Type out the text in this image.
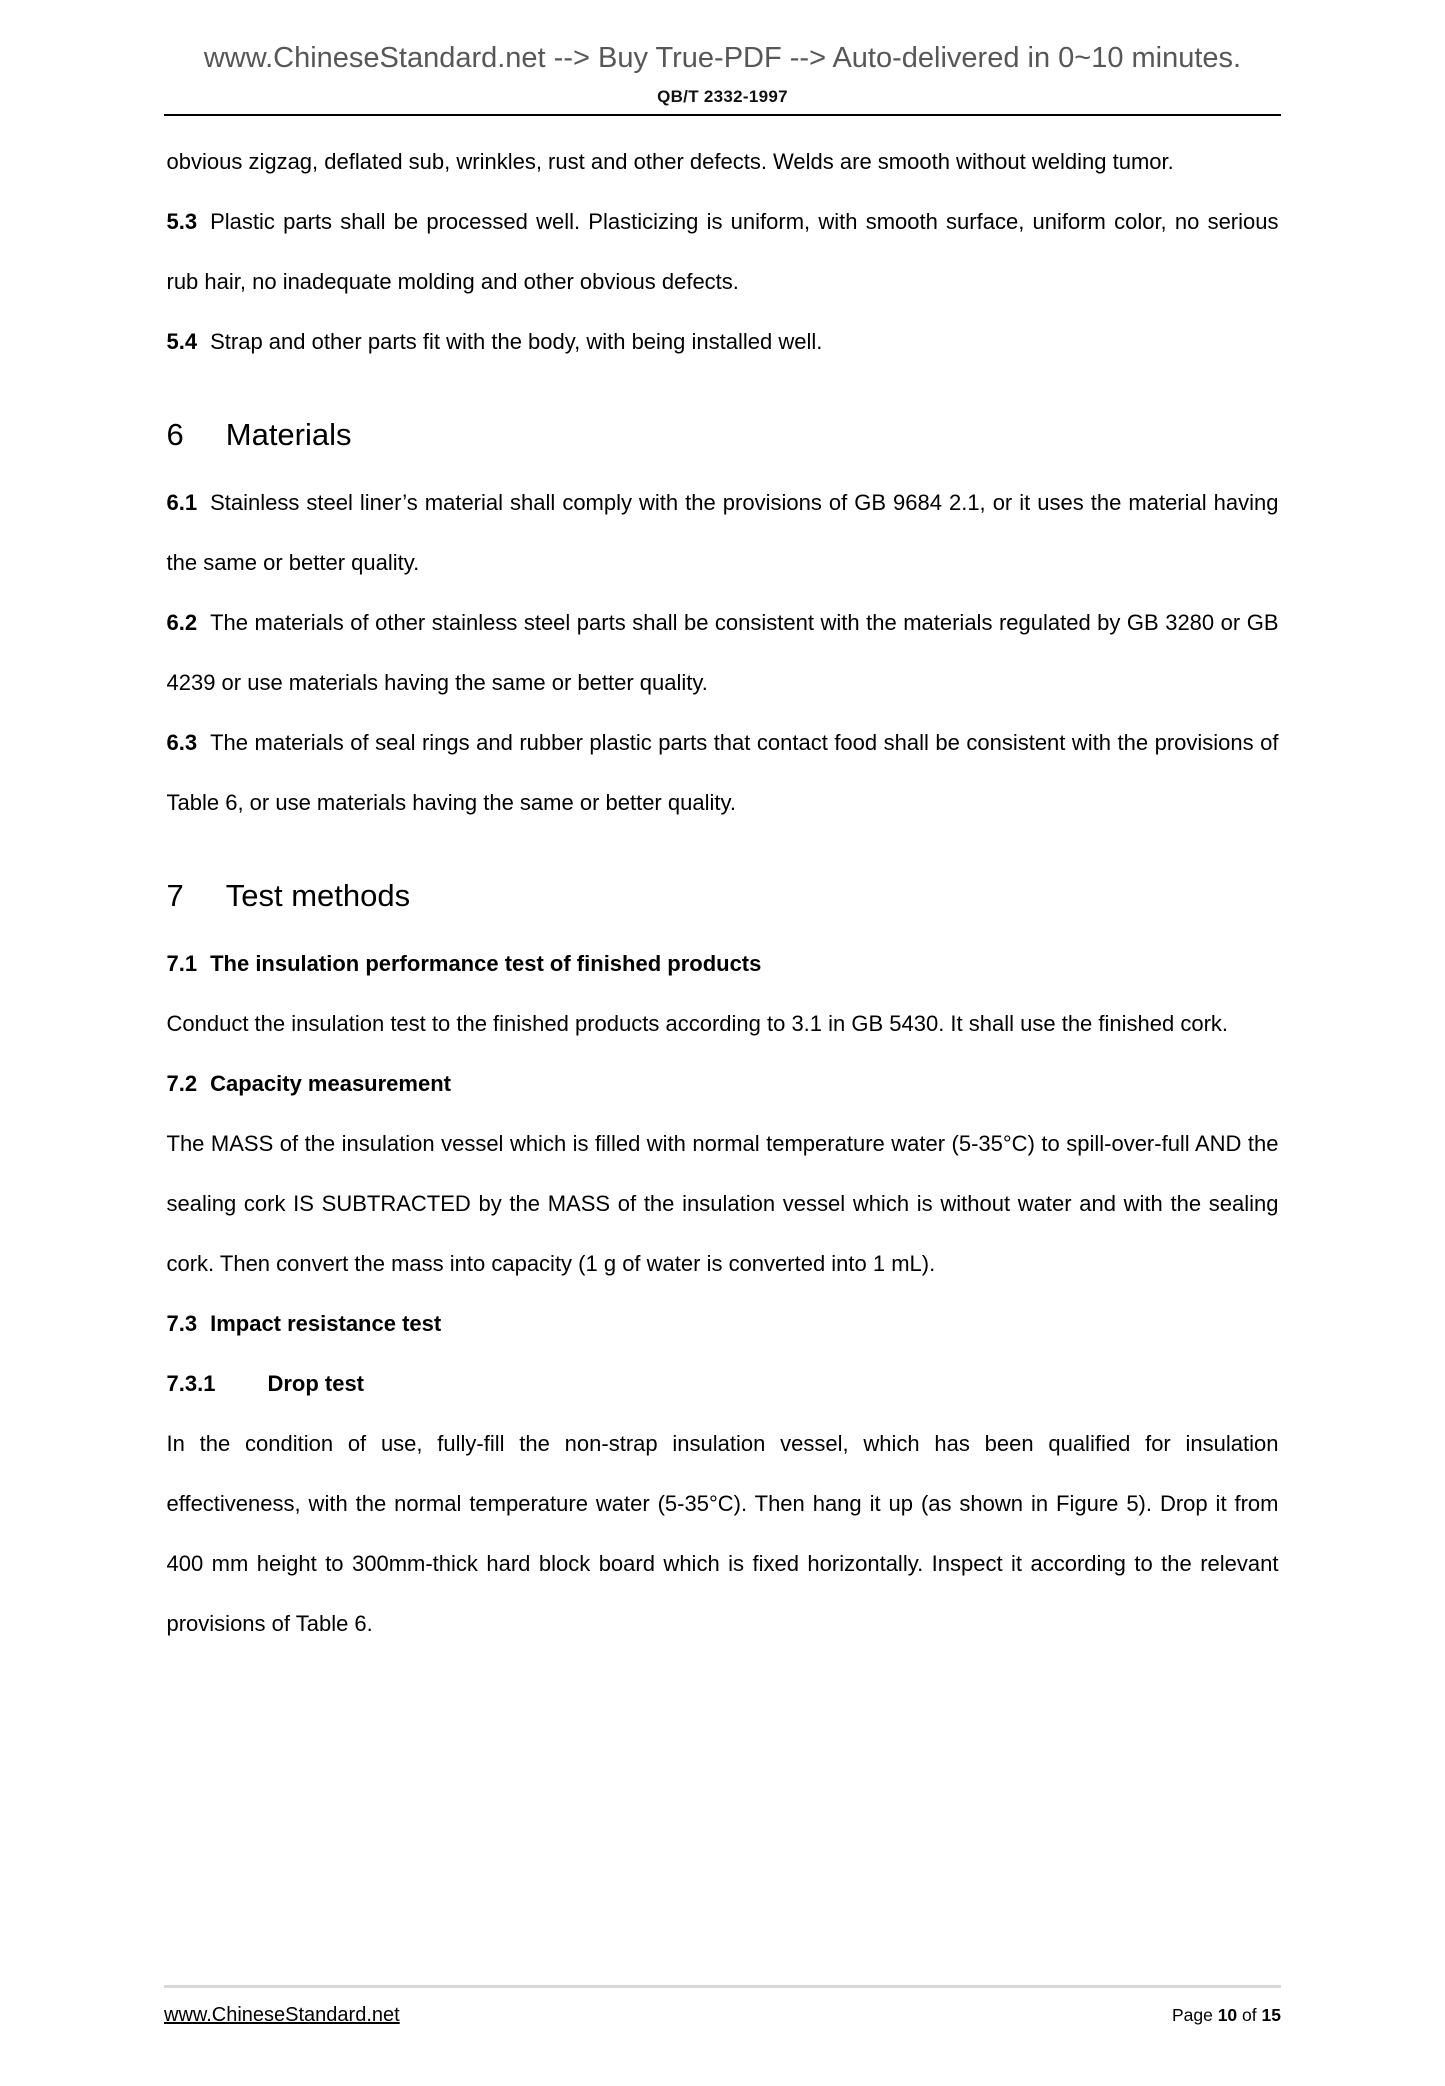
www.ChineseStandard.net --> Buy True-PDF --> Auto-delivered in 0~10 minutes.
QB/T 2332-1997

obvious zigzag, deflated sub, wrinkles, rust and other defects. Welds are smooth without welding tumor.

5.3 Plastic parts shall be processed well. Plasticizing is uniform, with smooth surface, uniform color, no serious rub hair, no inadequate molding and other obvious defects.

5.4 Strap and other parts fit with the body, with being installed well.

6 Materials

6.1 Stainless steel liner’s material shall comply with the provisions of GB 9684 2.1, or it uses the material having the same or better quality.

6.2 The materials of other stainless steel parts shall be consistent with the materials regulated by GB 3280 or GB 4239 or use materials having the same or better quality.

6.3 The materials of seal rings and rubber plastic parts that contact food shall be consistent with the provisions of Table 6, or use materials having the same or better quality.

7 Test methods

7.1 The insulation performance test of finished products

Conduct the insulation test to the finished products according to 3.1 in GB 5430. It shall use the finished cork.

7.2 Capacity measurement

The MASS of the insulation vessel which is filled with normal temperature water (5-35°C) to spill-over-full AND the sealing cork IS SUBTRACTED by the MASS of the insulation vessel which is without water and with the sealing cork. Then convert the mass into capacity (1 g of water is converted into 1 mL).

7.3 Impact resistance test

7.3.1 Drop test

In the condition of use, fully-fill the non-strap insulation vessel, which has been qualified for insulation effectiveness, with the normal temperature water (5-35°C). Then hang it up (as shown in Figure 5). Drop it from 400 mm height to 300mm-thick hard block board which is fixed horizontally. Inspect it according to the relevant provisions of Table 6.

www.ChineseStandard.net	Page 10 of 15
